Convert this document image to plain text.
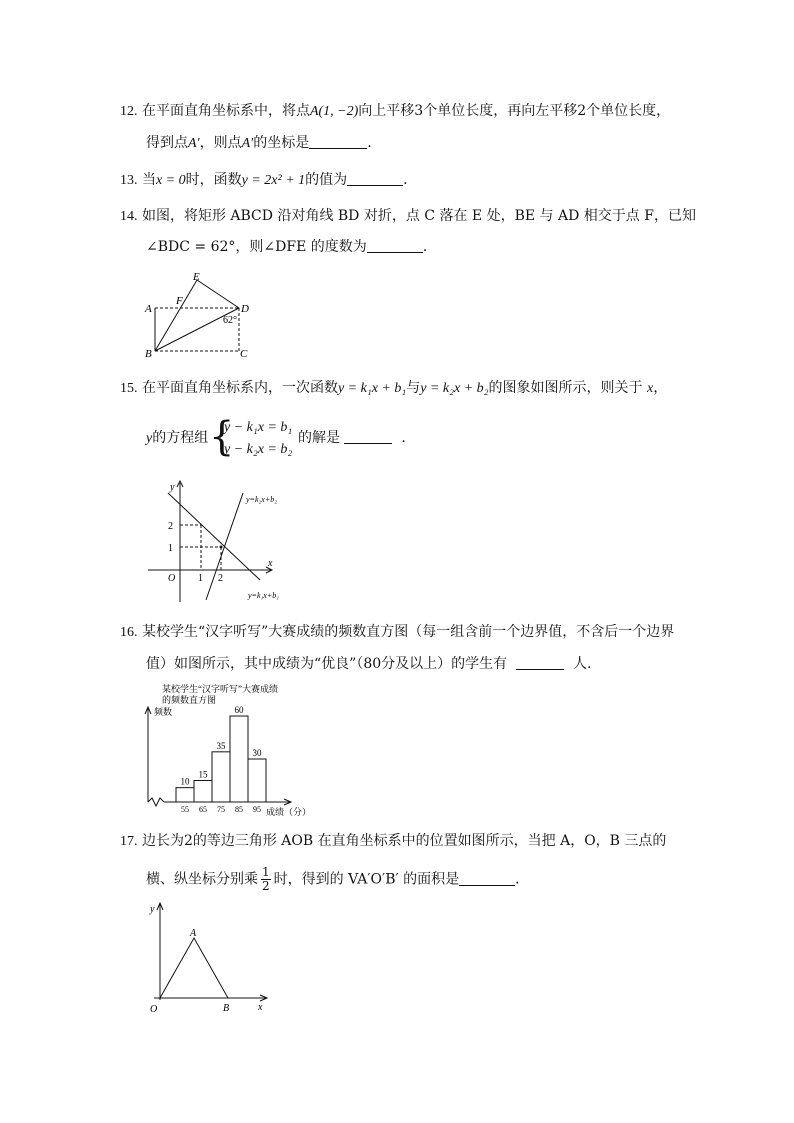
12. 在平面直角坐标系中，将点A(1, −2)向上平移3个单位长度，再向左平移2个单位长度，
得到点A′，则点A′的坐标是	.
13. 当x = 0时，函数y = 2x² + 1的值为	.
14. 如图，将矩形 ABCD 沿对角线 BD 对折，点 C 落在 E 处，BE 与 AD 相交于点 F，已知
∠BDC = 62°，则∠DFE 的度数为	.
E
F
A	D
B	C
62°
15. 在平面直角坐标系内，一次函数y = k₁x + b₁与y = k₂x + b₂的图象如图所示，则关于 x，
y的方程组 {
y − k₁x = b₁
y − k₂x = b₂
的解是	.
y
x
O 1 2
1
2
y=k₂x+b₂
y=k₁x+b₁
16. 某校学生“汉字听写”大赛成绩的频数直方图（每一组含前一个边界值，不含后一个边界
值）如图所示，其中成绩为“优良”（80分及以上）的学生有	人.
某校学生“汉字听写”大赛成绩
的频数直方图
频数
成绩（分）
10
15
35
60
30
55 65 75 85 95
17. 边长为2的等边三角形 AOB 在直角坐标系中的位置如图所示，当把 A，O，B 三点的
横、纵坐标分别乘 $\frac{1}{2}$ 时，得到的 VA′O′B′ 的面积是	.
y
x
O
A
B
